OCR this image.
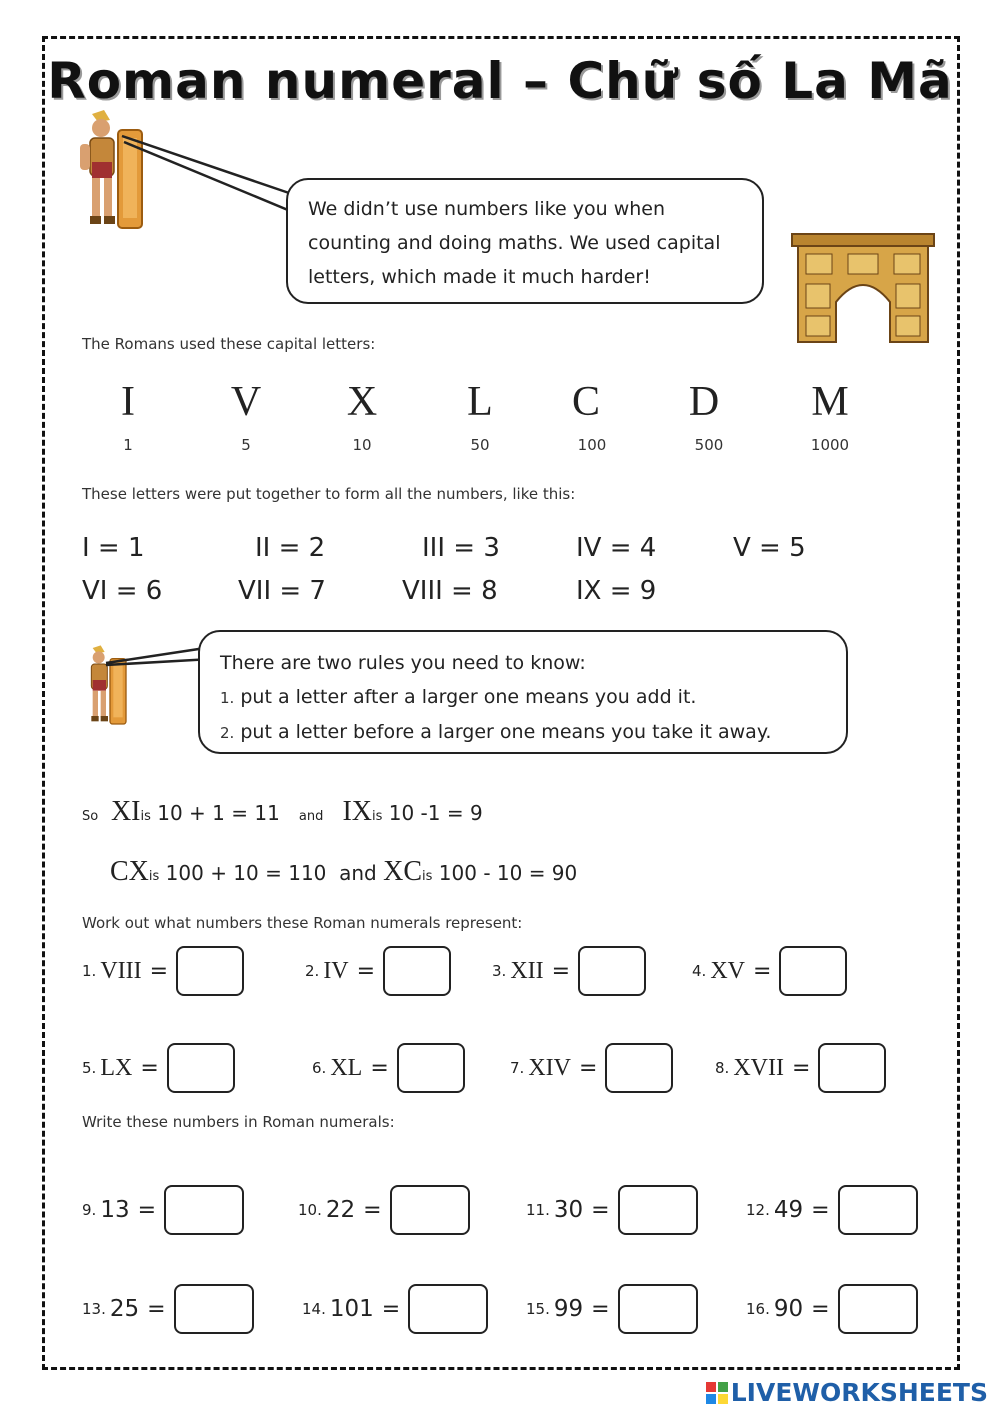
Roman numeral – Chữ số La Mã

We didn’t use numbers like you when

counting and doing maths. We used capital

letters, which made it much harder!

The Romans used these capital letters:
I
1
V
5
X
10
L
50
C
100
D
500
M
1000
These letters were put together to form all the numbers, like this:
I = 1	II = 2	III = 3	IV = 4	V = 5
VI = 6	VII = 7	VIII = 8	IX = 9

There are two rules you need to know:

1. put a letter after a larger one means you add it.

2. put a letter before a larger one means you take it away.

So XIis 10 + 1 = 11 and IXis 10 -1 = 9
CXis 100 + 10 = 110 and XCis 100 - 10 = 90
Work out what numbers these Roman numerals represent:
1. VIII =	2. IV =	3. XII =	4. XV =
5. LX =	6. XL =	7. XIV =	8. XVII =
Write these numbers in Roman numerals:
9. 13 =	10. 22 =	11. 30 =	12. 49 =
13. 25 =	14. 101 =	15. 99 =	16. 90 =
LIVEWORKSHEETS
